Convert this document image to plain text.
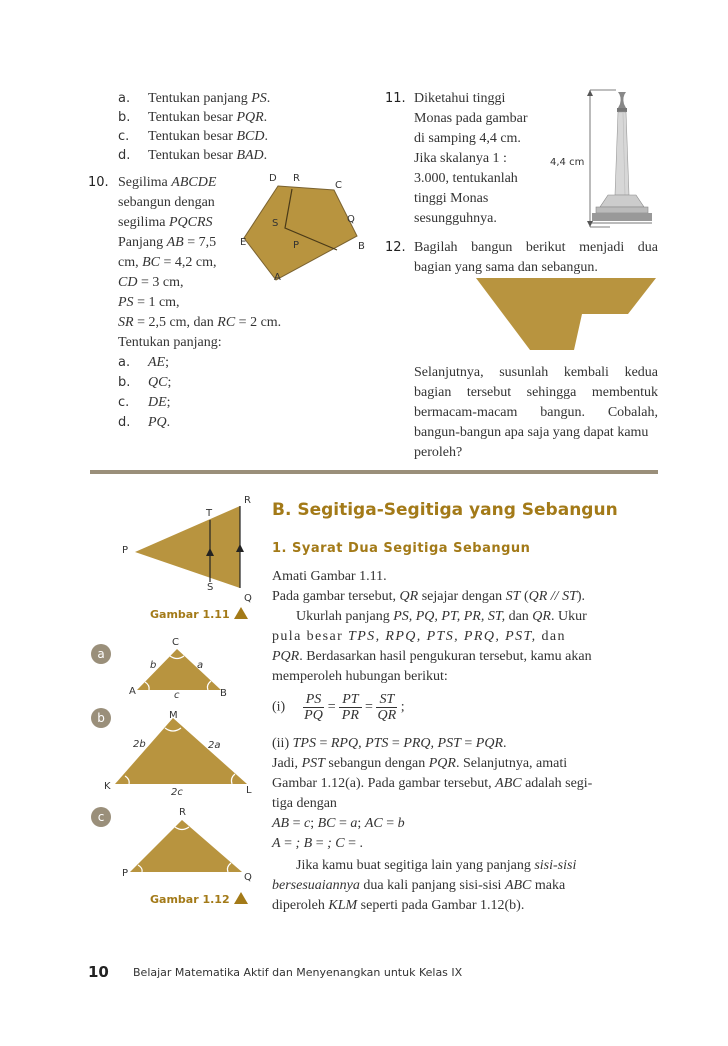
a. Tentukan panjang PS.
b. Tentukan besar PQR.
c. Tentukan besar BCD.
d. Tentukan besar BAD.
10. Segilima ABCDE
sebangun dengan
segilima PQCRS
Panjang AB = 7,5
cm, BC = 4,2 cm,
CD = 3 cm,
PS = 1 cm,
SR = 2,5 cm, dan RC = 2 cm.
Tentukan panjang:
a. AE;
b. QC;
c. DE;
d. PQ.
D R
C
S	Q
E	P	B
A
11. Diketahui tinggi
Monas pada gambar
di samping 4,4 cm.
Jika skalanya 1 :
3.000, tentukanlah
tinggi Monas
sesungguhnya.
4,4 cm
12. Bagilah bangun berikut menjadi dua
bagian yang sama dan sebangun.
Selanjutnya, susunlah kembali kedua
bagian tersebut sehingga membentuk
bermacam-macam bangun. Cobalah,
bangun-bangun apa saja yang dapat kamu
peroleh?
R
T
P
S
Q
Gambar 1.11
a
C
b	a
A	B
c
b	M
2b	2a
K	L
2c
c	R
P	Q
Gambar 1.12
B. Segitiga-Segitiga yang Sebangun
1. Syarat Dua Segitiga Sebangun
Amati Gambar 1.11.
Pada gambar tersebut, QR sejajar dengan ST (QR // ST).
Ukurlah panjang PS, PQ, PT, PR, ST, dan QR. Ukur
pula besar TPS, RPQ, PTS, PRQ, PST, dan
PQR. Berdasarkan hasil pengukuran tersebut, kamu akan
memperoleh hubungan berikut:
$(i) \frac{PS}{PQ} = \frac{PT}{PR} = \frac{ST}{QR}$ ;
(ii) TPS = RPQ, PTS = PRQ, PST = PQR.
Jadi, PST sebangun dengan PQR. Selanjutnya, amati
Gambar 1.12(a). Pada gambar tersebut, ABC adalah segi-
tiga dengan
AB = c; BC = a; AC = b
A = ; B = ; C = .
Jika kamu buat segitiga lain yang panjang sisi-sisi
bersesuaiannya dua kali panjang sisi-sisi ABC maka
diperoleh KLM seperti pada Gambar 1.12(b).
10 Belajar Matematika Aktif dan Menyenangkan untuk Kelas IX
